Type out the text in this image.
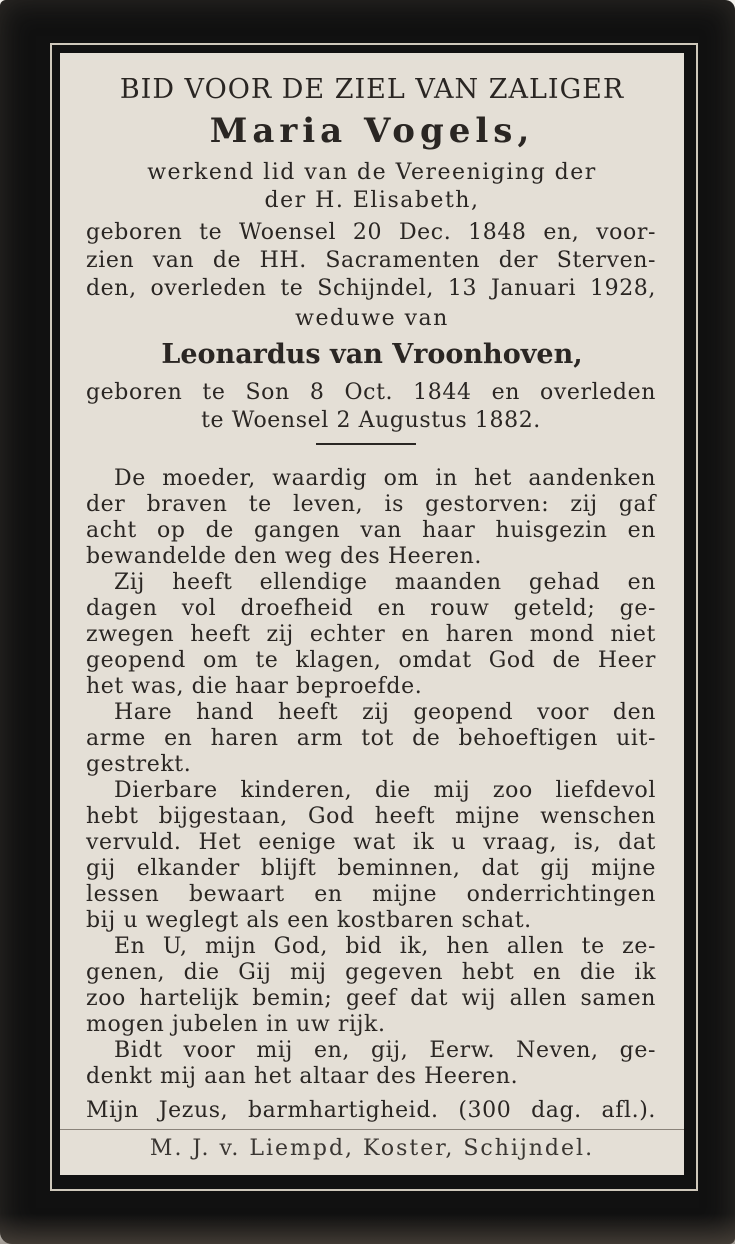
BID VOOR DE ZIEL VAN ZALIGER
Maria Vogels,
werkend lid van de Vereeniging der
der H. Elisabeth,
geboren te Woensel 20 Dec. 1848 en, voor-
zien van de HH. Sacramenten der Sterven-
den, overleden te Schijndel, 13 Januari 1928,
weduwe van
Leonardus van Vroonhoven,
geboren te Son 8 Oct. 1844 en overleden
te Woensel 2 Augustus 1882.
De moeder, waardig om in het aandenken
der braven te leven, is gestorven: zij gaf
acht op de gangen van haar huisgezin en
bewandelde den weg des Heeren.
Zij heeft ellendige maanden gehad en
dagen vol droefheid en rouw geteld; ge-
zwegen heeft zij echter en haren mond niet
geopend om te klagen, omdat God de Heer
het was, die haar beproefde.
Hare hand heeft zij geopend voor den
arme en haren arm tot de behoeftigen uit-
gestrekt.
Dierbare kinderen, die mij zoo liefdevol
hebt bijgestaan, God heeft mijne wenschen
vervuld. Het eenige wat ik u vraag, is, dat
gij elkander blijft beminnen, dat gij mijne
lessen bewaart en mijne onderrichtingen
bij u weglegt als een kostbaren schat.
En U, mijn God, bid ik, hen allen te ze-
genen, die Gij mij gegeven hebt en die ik
zoo hartelijk bemin; geef dat wij allen samen
mogen jubelen in uw rijk.
Bidt voor mij en, gij, Eerw. Neven, ge-
denkt mij aan het altaar des Heeren.
Mijn Jezus, barmhartigheid. (300 dag. afl.).
M. J. v. Liempd, Koster, Schijndel.
